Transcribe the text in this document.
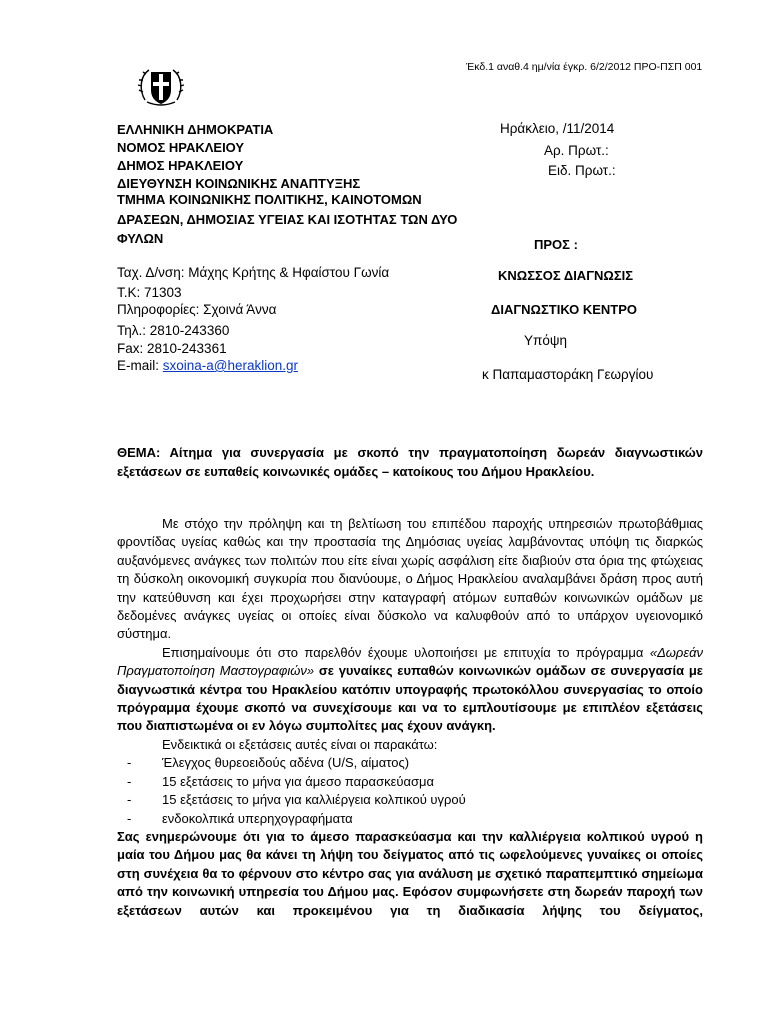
Έκδ.1 αναθ.4 ημ/νία έγκρ. 6/2/2012 ΠΡΟ-ΠΣΠ 001
ΕΛΛΗΝΙΚΗ ΔΗΜΟΚΡΑΤΙΑ
ΝΟΜΟΣ ΗΡΑΚΛΕΙΟΥ
ΔΗΜΟΣ ΗΡΑΚΛΕΙΟΥ
ΔΙΕΥΘΥΝΣΗ ΚΟΙΝΩΝΙΚΗΣ ΑΝΑΠΤΥΞΗΣ
ΤΜΗΜΑ ΚΟΙΝΩΝΙΚΗΣ ΠΟΛΙΤΙΚΗΣ, ΚΑΙΝΟΤΟΜΩΝ ΔΡΑΣΕΩΝ, ΔΗΜΟΣΙΑΣ ΥΓΕΙΑΣ ΚΑΙ ΙΣΟΤΗΤΑΣ ΤΩΝ ΔΥΟ ΦΥΛΩΝ
Ηράκλειο, /11/2014
Αρ. Πρωτ.:
Ειδ. Πρωτ.:
Ταχ. Δ/νση: Μάχης Κρήτης & Ηφαίστου Γωνία
Τ.Κ: 71303
Πληροφορίες: Σχοινά Άννα
Τηλ.: 2810-243360
Fax: 2810-243361
E-mail: sxoina-a@heraklion.gr
ΠΡΟΣ :
ΚΝΩΣΣΟΣ ΔΙΑΓΝΩΣΙΣ
ΔΙΑΓΝΩΣΤΙΚΟ ΚΕΝΤΡΟ
Υπόψη
κ Παπαμαστοράκη Γεωργίου
ΘΕΜΑ: Αίτημα για συνεργασία με σκοπό την πραγματοποίηση δωρεάν διαγνωστικών εξετάσεων σε ευπαθείς κοινωνικές ομάδες – κατοίκους του Δήμου Ηρακλείου.

Με στόχο την πρόληψη και τη βελτίωση του επιπέδου παροχής υπηρεσιών πρωτοβάθμιας φροντίδας υγείας καθώς και την προστασία της Δημόσιας υγείας λαμβάνοντας υπόψη τις διαρκώς αυξανόμενες ανάγκες των πολιτών που είτε είναι χωρίς ασφάλιση είτε διαβιούν στα όρια της φτώχειας τη δύσκολη οικονομική συγκυρία που διανύουμε, ο Δήμος Ηρακλείου αναλαμβάνει δράση προς αυτή την κατεύθυνση και έχει προχωρήσει στην καταγραφή ατόμων ευπαθών κοινωνικών ομάδων με δεδομένες ανάγκες υγείας οι οποίες είναι δύσκολο να καλυφθούν από το υπάρχον υγειονομικό σύστημα.

Επισημαίνουμε ότι στο παρελθόν έχουμε υλοποιήσει με επιτυχία το πρόγραμμα «Δωρεάν Πραγματοποίηση Μαστογραφιών» σε γυναίκες ευπαθών κοινωνικών ομάδων σε συνεργασία με διαγνωστικά κέντρα του Ηρακλείου κατόπιν υπογραφής πρωτοκόλλου συνεργασίας το οποίο πρόγραμμα έχουμε σκοπό να συνεχίσουμε και να το εμπλουτίσουμε με επιπλέον εξετάσεις που διαπιστωμένα οι εν λόγω συμπολίτες μας έχουν ανάγκη.

Ενδεικτικά οι εξετάσεις αυτές είναι οι παρακάτω:

- Έλεγχος θυρεοειδούς αδένα (U/S, αίματος)
- 15 εξετάσεις το μήνα για άμεσο παρασκεύασμα
- 15 εξετάσεις το μήνα για καλλιέργεια κολπικού υγρού
- ενδοκολπικά υπερηχογραφήματα

Σας ενημερώνουμε ότι για το άμεσο παρασκεύασμα και την καλλιέργεια κολπικού υγρού η μαία του Δήμου μας θα κάνει τη λήψη του δείγματος από τις ωφελούμενες γυναίκες οι οποίες στη συνέχεια θα το φέρνουν στο κέντρο σας για ανάλυση με σχετικό παραπεμπτικό σημείωμα από την κοινωνική υπηρεσία του Δήμου μας. Εφόσον συμφωνήσετε στη δωρεάν παροχή των εξετάσεων αυτών και προκειμένου για τη διαδικασία λήψης του δείγματος,
